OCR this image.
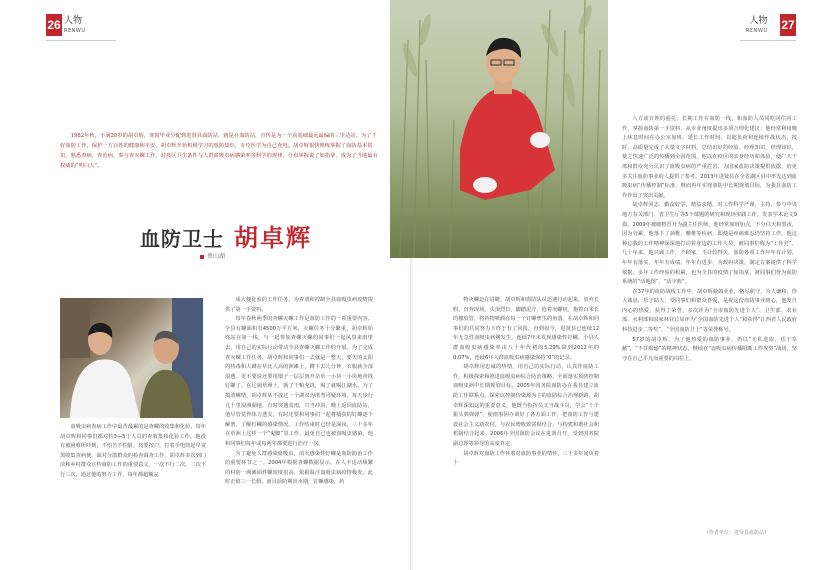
26 人物
RENWU
人物
RENWU 27

1982年秋，不满20岁的胡卓辉，寒窗毕业分配到进贤县血防站，就是在血防站，宣传是为一个真基础最远最偏的三里边站。为了干好血防工作，保护一方百姓的健康和平安，胡卓辉开始积极学习的血防知识，专攻医学为自己充电。胡卓辉很快熟练掌握了血防基本常识，熟悉查病、查治病，参与查灭螺工作，对疫区卫生条件与人群血吸虫病感染率等科学的规律，分布掌握说了如指掌，成为了当地最有权威的“明白人”。

血防卫士 胡卓辉
蔡山湖

血吸虫病查病工作中最苦最累的是查螺的收集和化验。每年胡卓辉和同事们都对约3—5千人员的查收集和化验工作。他没有被困难所吓到，不怕苦不怕脏，按要按户，打着手电筒起早贪黑收集查病便，面对分散群众的检查调查工作，胡卓辉多次到门前和乡村群众宣传血防工作的重要意义，一次不行二次，二次不行三次，通过他的努力工作，每年都超额完

成大便化验的工作任务。为查清和控制全县血吸虫病疫情提供了第一手资料。

每年春秋两季的查螺灭螺工作是血防工作的一项重要内容。全县有螺面积有4500万平方米，灭螺任务十分繁重，胡卓辉始终站在第一线，与一起参加查螺灭螺的同事们一起风里来雨里去，用自己的实际行动带动全县查螺灭螺工作的开展。为了完成查灭螺工作任务，胡卓辉和同事们一去就是一整天，要天的太阳的热毒和人蹲在草比人高的洲滩上，蹲下去几分钟，衣服就全部湿透。更不要说还要用镊子一层层剖开杂草一小块一小块地查找钉螺了。在辽阔草洲上，饿了干粮充饥，渴了就喝江湖水。为了摸清螺情，胡卓辉从不放过一个湖汊沟渚弯可疑环境。每天步行几十里湿洲湖地，有时突遇雷雨，只当冲浴，晚上返回血防站，他尽管觉得体力透支，有时还要和同事们一起将捕获的钉螺逐个解剖，了解钉螺的感染情况。工作结束时已经是深夜，三十多年在草洲上这样一个“鬼脚”里工作，最免自己也被血吸虫感染，他和同事们每年或每两年都要进行治疗一次。

为了避免人群感染血吸虫，消灭感染性钉螺是血防防治工作的重要环节之一。2004年根据查螺数据显示，在人丰适动频繁的村防一洲滩面性螺密度很高，依据温洼血吸虫病疫情极发，此时正值三一长假，而目前防期出水期，钉螺感染，药

物灭螺迫在眉睫。胡卓辉和血防队员迅速行动起来，放弃长假，直奔现场。头顶烈日，脚踏泥泞，抢着灭螺机，抱着百米长的橡胶管，将药物喷洒在每一个钉螺孳生的角落。在胡卓辉和同事们的共同努力下终于有了回报。直到如今，进贤县已连续12年无急性血吸虫病例发生，连续7年未发现感染性钉螺，全县人群血吸虫病感染率由八十年代初的5.29%降到2012年的0.07%，连续6年人群血吸虫病感染保持“0”的记录。

胡卓辉用忠诚的热情，用自己的实际行动，认真作血防工作，积极探索和推进血吸虫病综合防治策略，全面落实预防控制血吸虫病中长期规划目标。2005年国务院血防办在我县建立血防工作联系点，探索以控制传染源为主的血防综合治理新路，胡卓辉深知这的重要意义，他既当指挥员又当战斗员，学会“十个振头弹弹弹”，使雨事固办调好了各方面工作，把血防工作与建设社会主义新农村，与农民增收致富相结合，与构建和谐社会和机制结合起来。2006年全国血防会议在进贤召开，受到国务院副总理等领导的高度肯定。

胡卓辉对血防工作怀着对血防事业的情怀，三十多年间负着十

八方或百姓的重托，长期工作在血防一线，和血防人员同吃同住同工作，掌握血防第一手资料，从专业角度提出多项合理化建议；他经常利用晚上休息时间在办公室加班，延长工作时间，以超负荷和连续作战状态，按时、高质量完成了大量文字材料。总结出好的经验、经理知识。经理知识，使之快速广泛的传播到全国范围，他以在疫区的亲身经历和体验，使广大干部和群众充分认识了血吸虫病的严重危害，为国家血防决策提供依据，给更多关注血防事业的人提供了参考。2013年进贤县在全省湖区县中率先达到血吸虫病“传播控制”标准，继而再年实现血防中长期规划目标，为我县血防工作作出了突出贡献。

胡卓辉同志，勤奋好学，精益求精，对工作科学严谨，主持、参与中央地方有关部门、省卫生厅等5个课题的研究和现场实践工作，发表学术论文9篇，2009年被破格晋升为副主任医师，他经常加班加点，不分白天和黑夜，因为劳累，他落下了颈椎、腰椎等疾病，即便是疼痛难忍仍坚持工作，他这种忘我的工作精神深深地打动着身边的工作人员，被同事们称为“工作狂”。几十年来，他只顾工作，不顾家，不计较得失，血防各项工作年年有计划，年年有落实，年年有成绩，年年有进步，为政府决策，制定方案提供了科学依据。多年工作经验的积累，也为全县的疫情了如指掌，被同事们誉为血防系统的“活地图”、“活字典”。

在37年的血防战线工作中，胡卓辉兢兢业业，恪尽职守，为人谦和，待人诚恳，乐于助人，受同事们和群众喜爱，是视这份血防事业到心，他发自内心的热爱，获得了荣誉，多次评为“全市血防先进个人”、卫生部、农业部、水利部和国家林业总局评为“全国血防先进个人”和获得“江西省人民政府科技进步二等奖”、“全国血防卫士”等荣誉称号。

57岁的胡卓辉，为了他热爱的血防事业，仍以“无私进取、乐于奉献”，“不甘服输”的精神状态，继续在“血吸虫病传播阻断工作攻坚”战场，坚守在自己平凡而重要的岗位上。

（作者单位：进贤县血防站）
